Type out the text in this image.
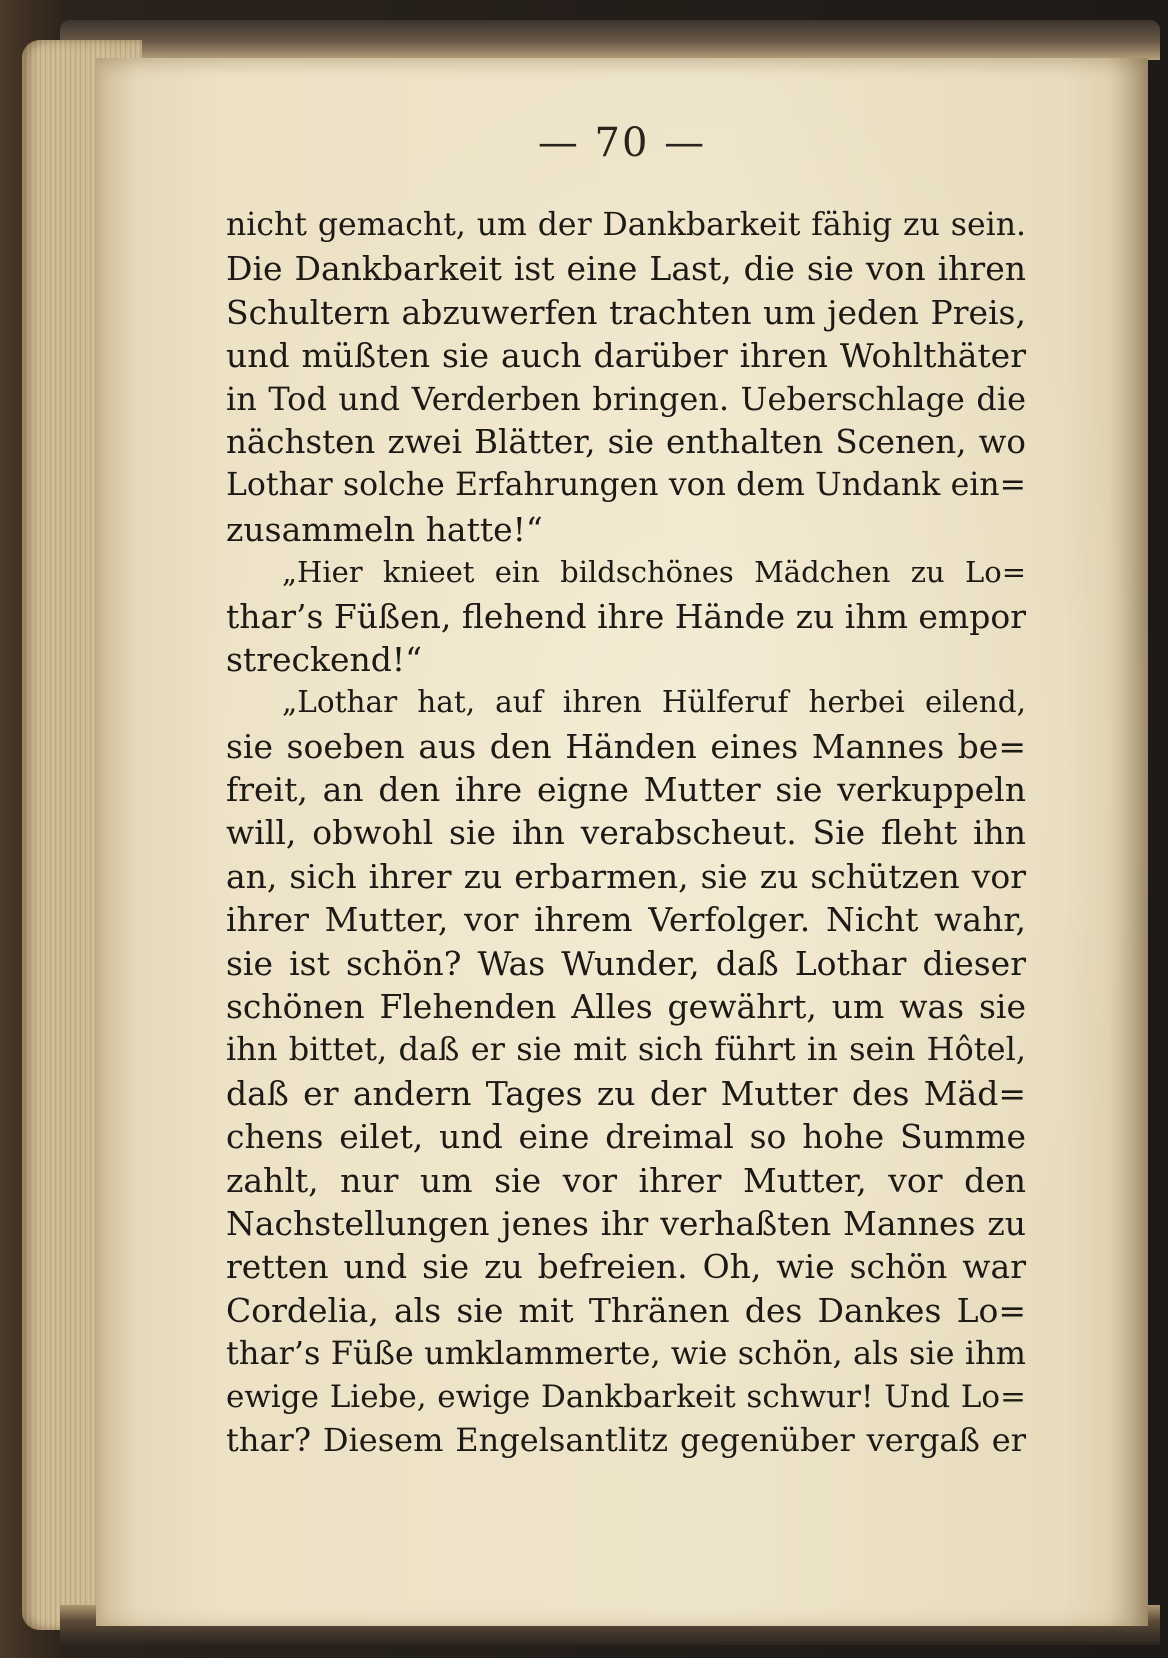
— 70 —
nicht gemacht, um der Dankbarkeit fähig zu sein.
Die Dankbarkeit ist eine Last, die sie von ihren
Schultern abzuwerfen trachten um jeden Preis,
und müßten sie auch darüber ihren Wohlthäter
in Tod und Verderben bringen. Ueberschlage die
nächsten zwei Blätter, sie enthalten Scenen, wo
Lothar solche Erfahrungen von dem Undank ein=
zusammeln hatte!“
„Hier knieet ein bildschönes Mädchen zu Lo=
thar’s Füßen, flehend ihre Hände zu ihm empor
streckend!“
„Lothar hat, auf ihren Hülferuf herbei eilend,
sie soeben aus den Händen eines Mannes be=
freit, an den ihre eigne Mutter sie verkuppeln
will, obwohl sie ihn verabscheut. Sie fleht ihn
an, sich ihrer zu erbarmen, sie zu schützen vor
ihrer Mutter, vor ihrem Verfolger. Nicht wahr,
sie ist schön? Was Wunder, daß Lothar dieser
schönen Flehenden Alles gewährt, um was sie
ihn bittet, daß er sie mit sich führt in sein Hôtel,
daß er andern Tages zu der Mutter des Mäd=
chens eilet, und eine dreimal so hohe Summe
zahlt, nur um sie vor ihrer Mutter, vor den
Nachstellungen jenes ihr verhaßten Mannes zu
retten und sie zu befreien. Oh, wie schön war
Cordelia, als sie mit Thränen des Dankes Lo=
thar’s Füße umklammerte, wie schön, als sie ihm
ewige Liebe, ewige Dankbarkeit schwur! Und Lo=
thar? Diesem Engelsantlitz gegenüber vergaß er
